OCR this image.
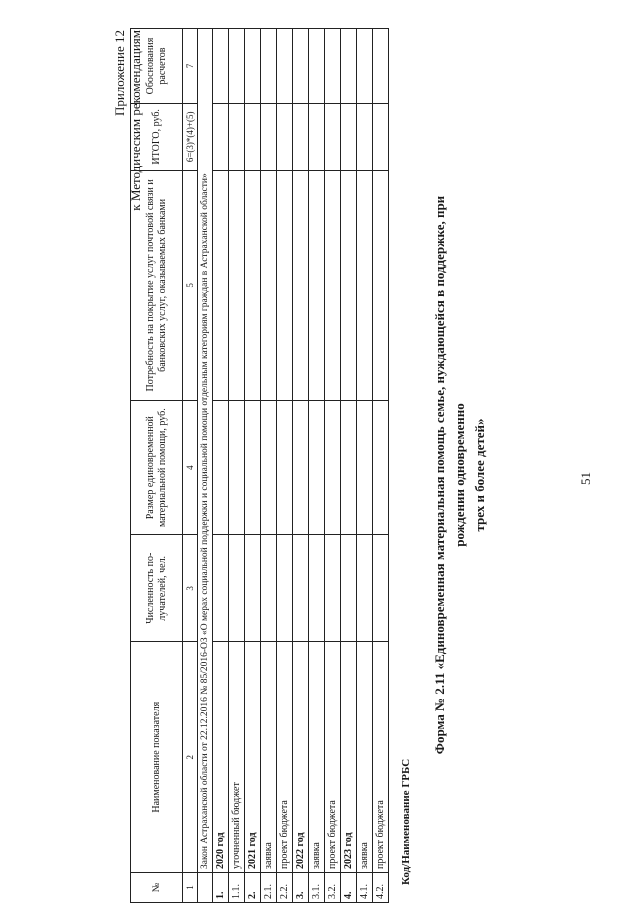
51
Приложение 12 к Методическим рекомендациям
Форма № 2.11 «Единовременная материальная помощь семье, нуждающейся в поддержке, при рождении одновременно трех и более детей»
Код/Наименование ГРБС
№	Наименование показателя	Численность по-лучателей, чел.	Размер единовременной материальной помощи, руб.	Потребность на покрытие услуг почтовой связи и банковских услуг, оказываемых банками	ИТОГО, руб.	Обоснования расчетов
1	2	3	4	5	6=(3)*(4)+(5)	7
	Закон Астраханской области от 22.12.2016 № 85/2016-ОЗ «О мерах социальной поддержки и социальной помощи отдельным категориям граждан в Астраханской области»					
1.	2020 год					
1.1.	уточненный бюджет					
2.	2021 год					
2.1.	заявка					
2.2.	проект бюджета					
3.	2022 год					
3.1.	заявка					
3.2.	проект бюджета					
4.	2023 год					
4.1.	заявка					
4.2.	проект бюджета					
